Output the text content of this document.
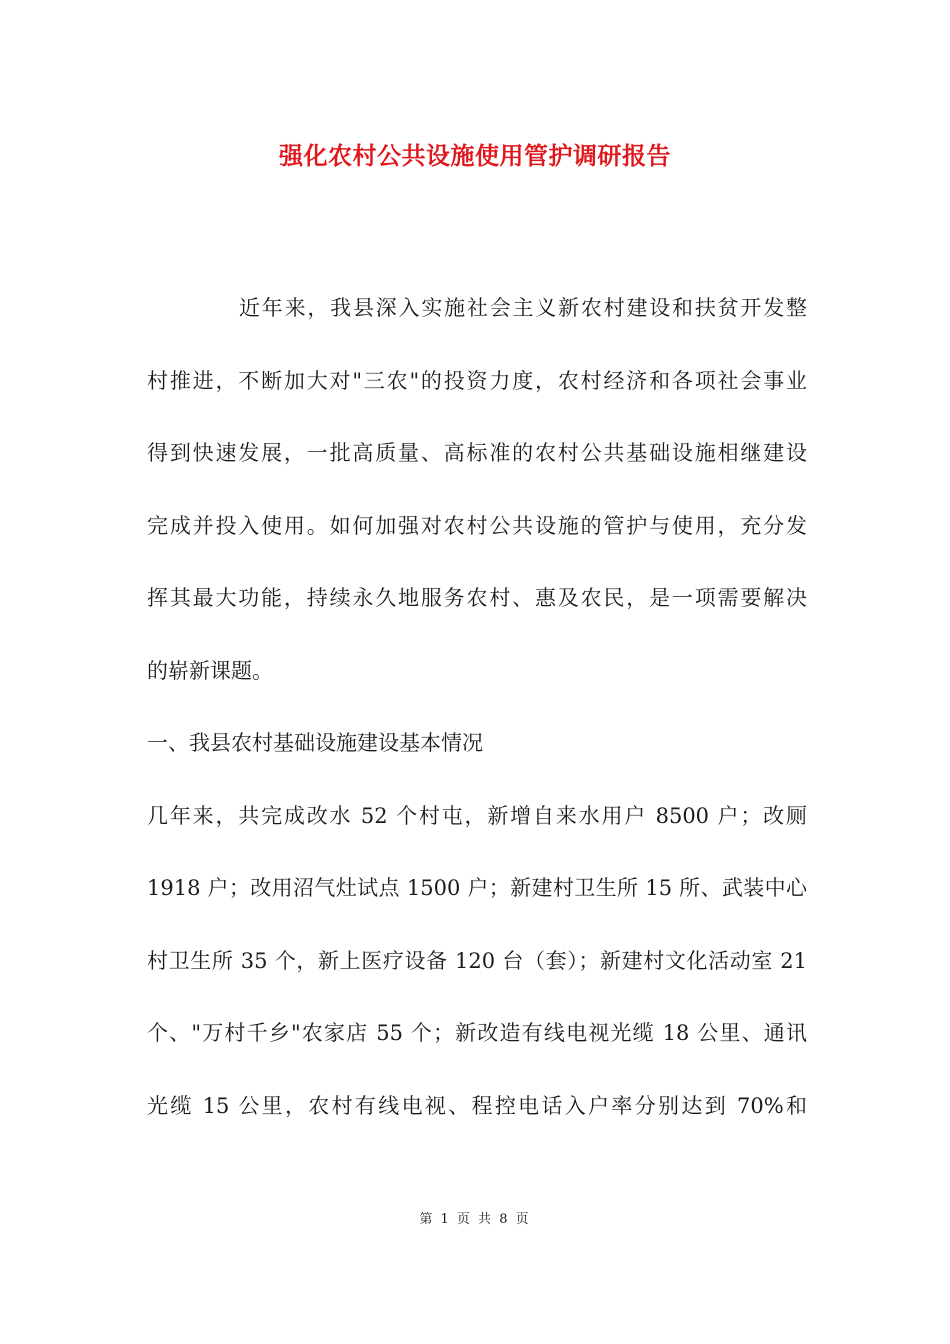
强化农村公共设施使用管护调研报告
近年来，我县深入实施社会主义新农村建设和扶贫开发整
村推进，不断加大对"三农"的投资力度，农村经济和各项社会事业
得到快速发展，一批高质量、高标准的农村公共基础设施相继建设
完成并投入使用。如何加强对农村公共设施的管护与使用，充分发
挥其最大功能，持续永久地服务农村、惠及农民，是一项需要解决
的崭新课题。
一、我县农村基础设施建设基本情况
几年来，共完成改水 52 个村屯，新增自来水用户 8500 户；改厕
1918 户；改用沼气灶试点 1500 户；新建村卫生所 15 所、武装中心
村卫生所 35 个，新上医疗设备 120 台（套）；新建村文化活动室 21
个、"万村千乡"农家店 55 个；新改造有线电视光缆 18 公里、通讯
光缆 15 公里，农村有线电视、程控电话入户率分别达到 70%和
第 1 页 共 8 页
